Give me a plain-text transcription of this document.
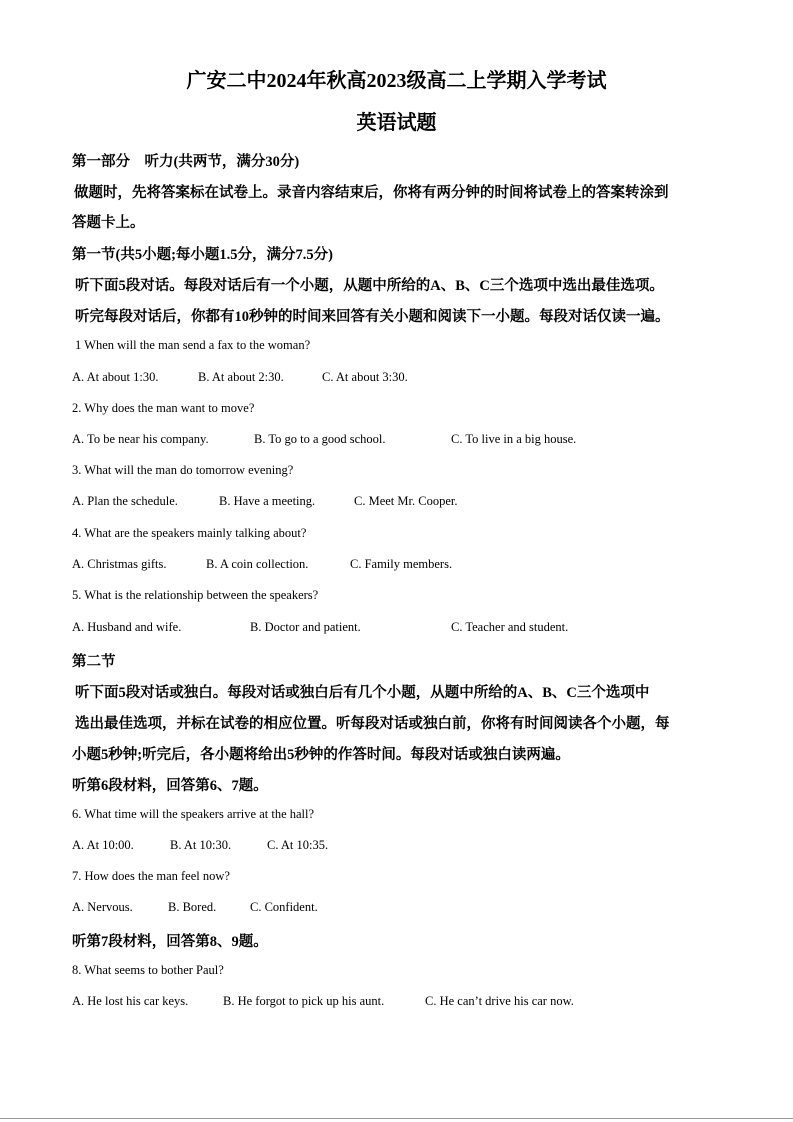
广安二中2024年秋高2023级高二上学期入学考试
英语试题
第一部分　听力(共两节，满分30分)
做题时，先将答案标在试卷上。录音内容结束后，你将有两分钟的时间将试卷上的答案转涂到
答题卡上。
第一节(共5小题;每小题1.5分，满分7.5分)
听下面5段对话。每段对话后有一个小题，从题中所给的A、B、C三个选项中选出最佳选项。
听完每段对话后，你都有10秒钟的时间来回答有关小题和阅读下一小题。每段对话仅读一遍。
1 When will the man send a fax to the woman?
A. At about 1:30.	B. At about 2:30.	C. At about 3:30.
2. Why does the man want to move?
A. To be near his company.	B. To go to a good school.	C. To live in a big house.
3. What will the man do tomorrow evening?
A. Plan the schedule.	B. Have a meeting.	C. Meet Mr. Cooper.
4. What are the speakers mainly talking about?
A. Christmas gifts.	B. A coin collection.	C. Family members.
5. What is the relationship between the speakers?
A. Husband and wife.	B. Doctor and patient.	C. Teacher and student.
第二节
听下面5段对话或独白。每段对话或独白后有几个小题，从题中所给的A、B、C三个选项中
选出最佳选项，并标在试卷的相应位置。听每段对话或独白前，你将有时间阅读各个小题，每
小题5秒钟;听完后，各小题将给出5秒钟的作答时间。每段对话或独白读两遍。
听第6段材料，回答第6、7题。
6. What time will the speakers arrive at the hall?
A. At 10:00.	B. At 10:30.	C. At 10:35.
7. How does the man feel now?
A. Nervous.	B. Bored.	C. Confident.
听第7段材料，回答第8、9题。
8. What seems to bother Paul?
A. He lost his car keys.	B. He forgot to pick up his aunt.	C. He can’t drive his car now.
